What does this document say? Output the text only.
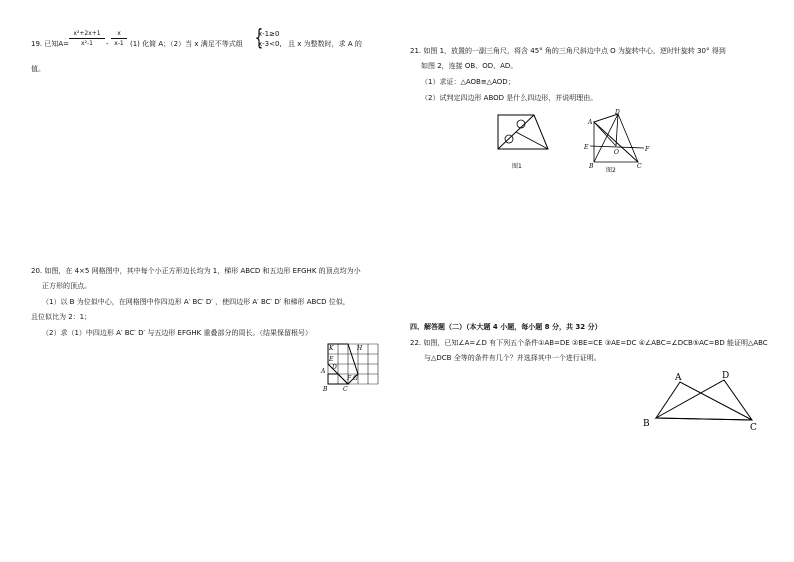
19. 已知A=
x²+2x+1
x²-1	-
x
x-1 (1) 化简 A；（2）当 x 满足不等式组 {
x-1≥0
x-3<0, 且 x 为整数时，求 A 的
值。
20. 如图，在 4×5 网格图中，其中每个小正方形边长均为 1，梯形 ABCD 和五边形 EFGHK 的顶点均为小
正方形的顶点。
（1）以 B 为位似中心，在网格图中作四边形 A′ BC′ D′ ，使四边形 A′ BC′ D′ 和梯形 ABCD 位似，
且位似比为 2：1；
（2）求（1）中四边形 A′ BC′ D′ 与五边形 EFGHK 重叠部分的周长。（结果保留根号）
K	H
D
E
A
F G
B	C
21. 如图 1，放置的一副三角尺，将含 45° 角的三角尺斜边中点 O 为旋转中心，逆时针旋转 30° 得到
如图 2，连接 OB、OD、AD。
（1）求证：△AOB≌△AOD；
（2）试判定四边形 ABOD 是什么四边形，并说明理由。
图1
D
A
E
O	F
B	C
图2
四、解答题（二）（本大题 4 小题，每小题 8 分，共 32 分）
22. 如图，已知∠A=∠D 有下列五个条件①AB=DE ②BE=CE ③AE=DC ④∠ABC=∠DCB⑤AC=BD 能证明△ABC
与△DCB 全等的条件有几个？并选择其中一个进行证明。
A	D
B	C
